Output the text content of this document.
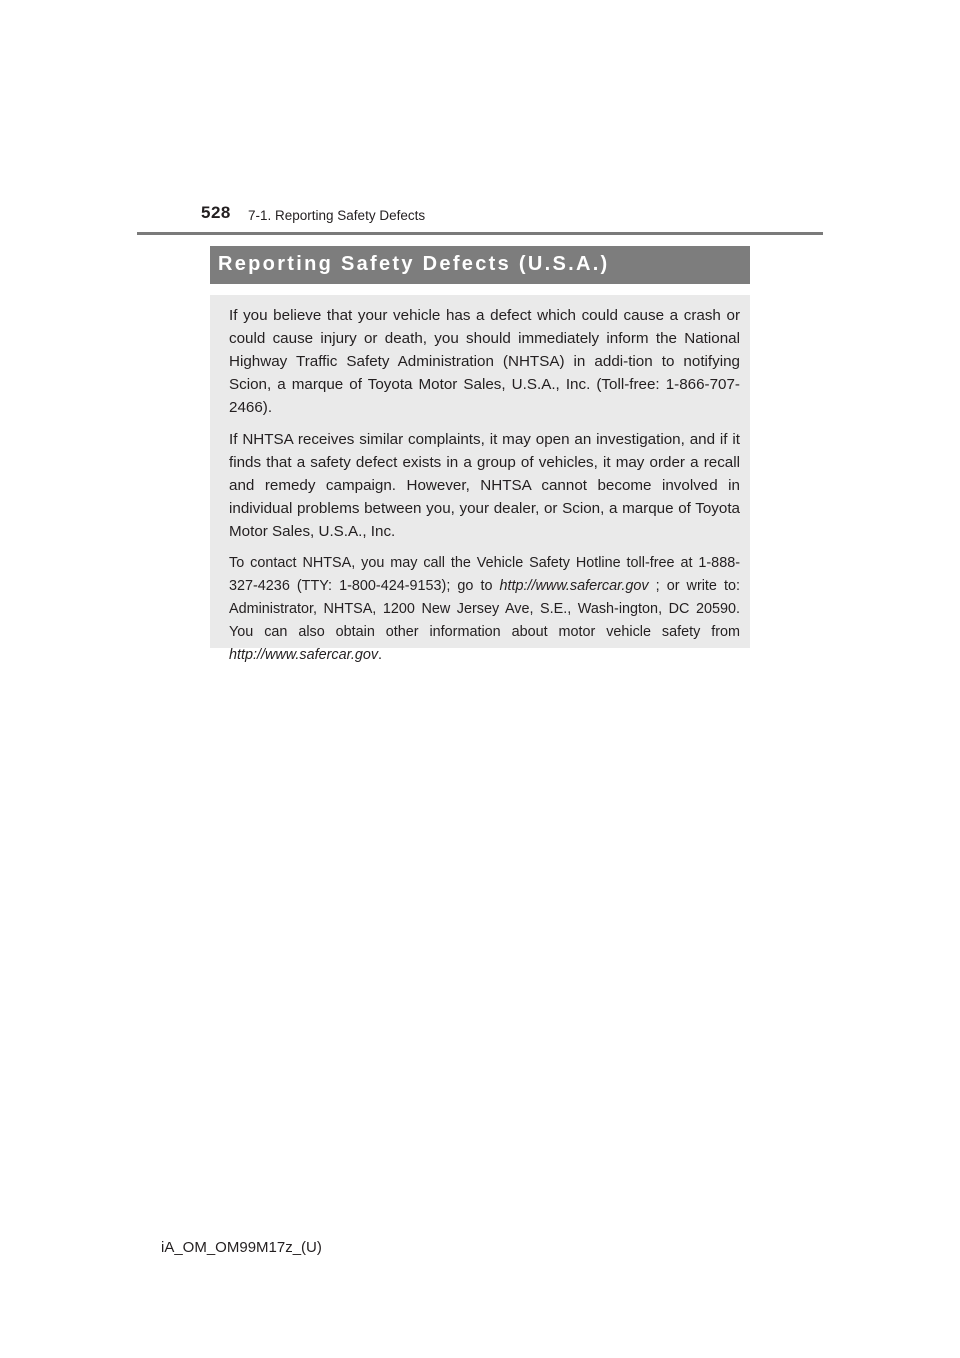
528 7-1. Reporting Safety Defects
Reporting Safety Defects (U.S.A.)

If you believe that your vehicle has a defect which could cause a crash or could cause injury or death, you should immediately inform the National Highway Traffic Safety Administration (NHTSA) in addi-tion to notifying Scion, a marque of Toyota Motor Sales, U.S.A., Inc. (Toll-free: 1-866-707-2466).

If NHTSA receives similar complaints, it may open an investigation, and if it finds that a safety defect exists in a group of vehicles, it may order a recall and remedy campaign. However, NHTSA cannot become involved in individual problems between you, your dealer, or Scion, a marque of Toyota Motor Sales, U.S.A., Inc.

To contact NHTSA, you may call the Vehicle Safety Hotline toll-free at 1-888-327-4236 (TTY: 1-800-424-9153); go to http://www.safercar.gov ; or write to: Administrator, NHTSA, 1200 New Jersey Ave, S.E., Wash-ington, DC 20590. You can also obtain other information about motor vehicle safety from http://www.safercar.gov.

iA_OM_OM99M17z_(U)
